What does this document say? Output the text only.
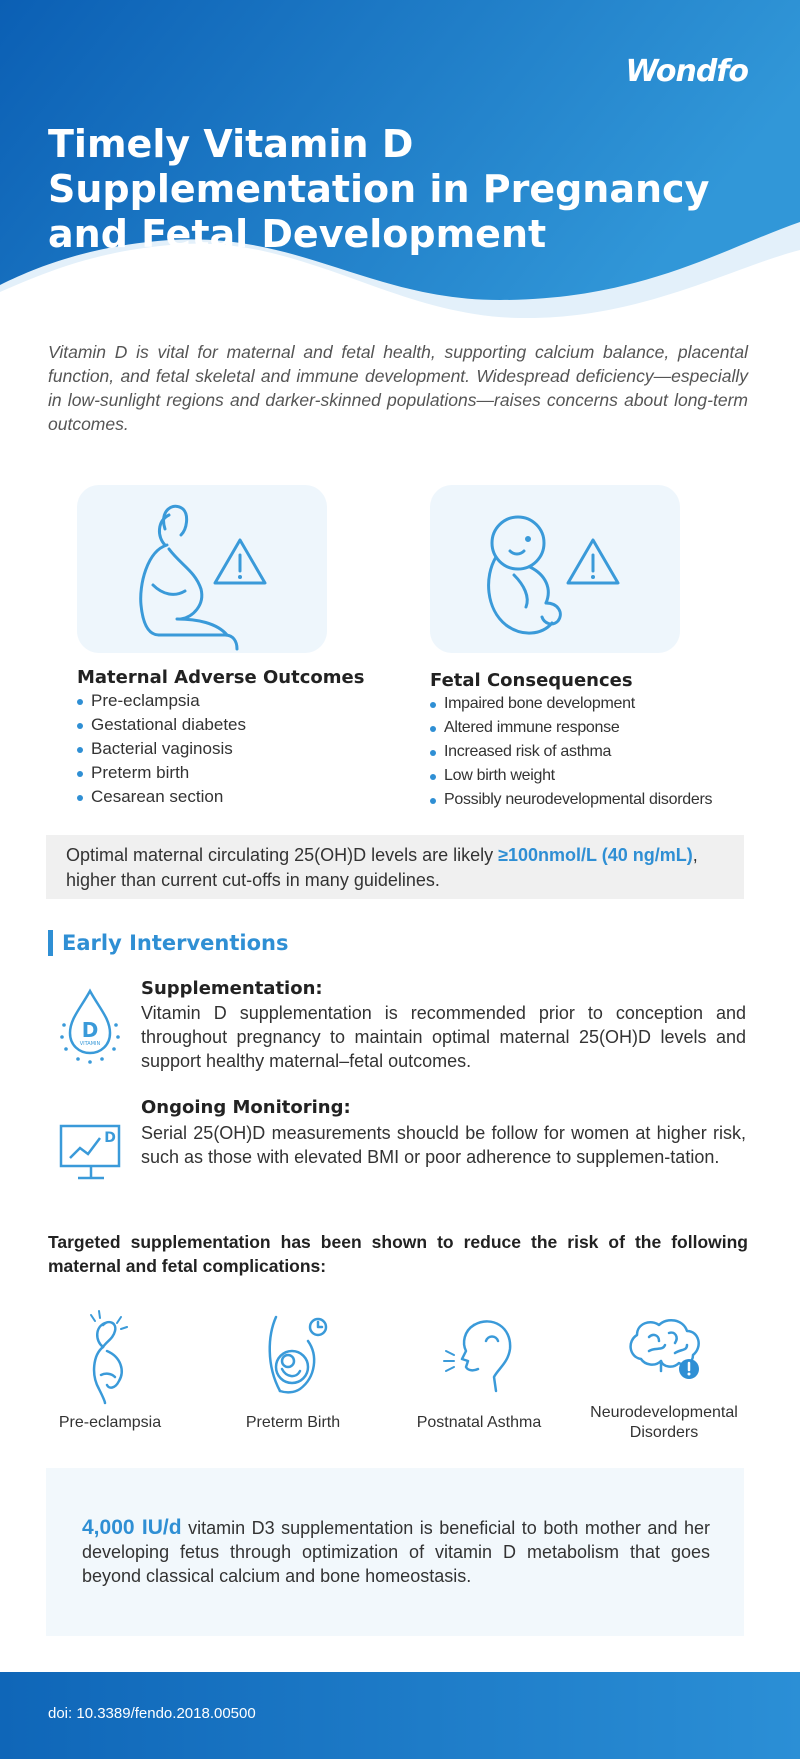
Wondfo
Timely Vitamin D Supplementation in Pregnancy and Fetal Development

Vitamin D is vital for maternal and fetal health, supporting calcium balance, placental function, and fetal skeletal and immune development. Widespread deficiency—especially in low-sunlight regions and darker-skinned populations—raises concerns about long-term outcomes.

Maternal Adverse Outcomes
Pre-eclampsia
Gestational diabetes
Bacterial vaginosis
Preterm birth
Cesarean section
Fetal Consequences
Impaired bone development
Altered immune response
Increased risk of asthma
Low birth weight
Possibly neurodevelopmental disorders
Optimal maternal circulating 25(OH)D levels are likely ≥100nmol/L (40 ng/mL), higher than current cut-offs in many guidelines.
Early Interventions
D
VITAMIN
Supplementation:

Vitamin D supplementation is recommended prior to conception and throughout pregnancy to maintain optimal maternal 25(OH)D levels and support healthy maternal–fetal outcomes.

D
Ongoing Monitoring:

Serial 25(OH)D measurements shoucld be follow for women at higher risk, such as those with elevated BMI or poor adherence to supplemen-tation.

Targeted supplementation has been shown to reduce the risk of the following maternal and fetal complications:

Pre-eclampsia	Preterm Birth	Postnatal Asthma
Neurodevelopmental Disorders
4,000 IU/d vitamin D3 supplementation is beneficial to both mother and her developing fetus through optimization of vitamin D metabolism that goes beyond classical calcium and bone homeostasis.
doi: 10.3389/fendo.2018.00500
